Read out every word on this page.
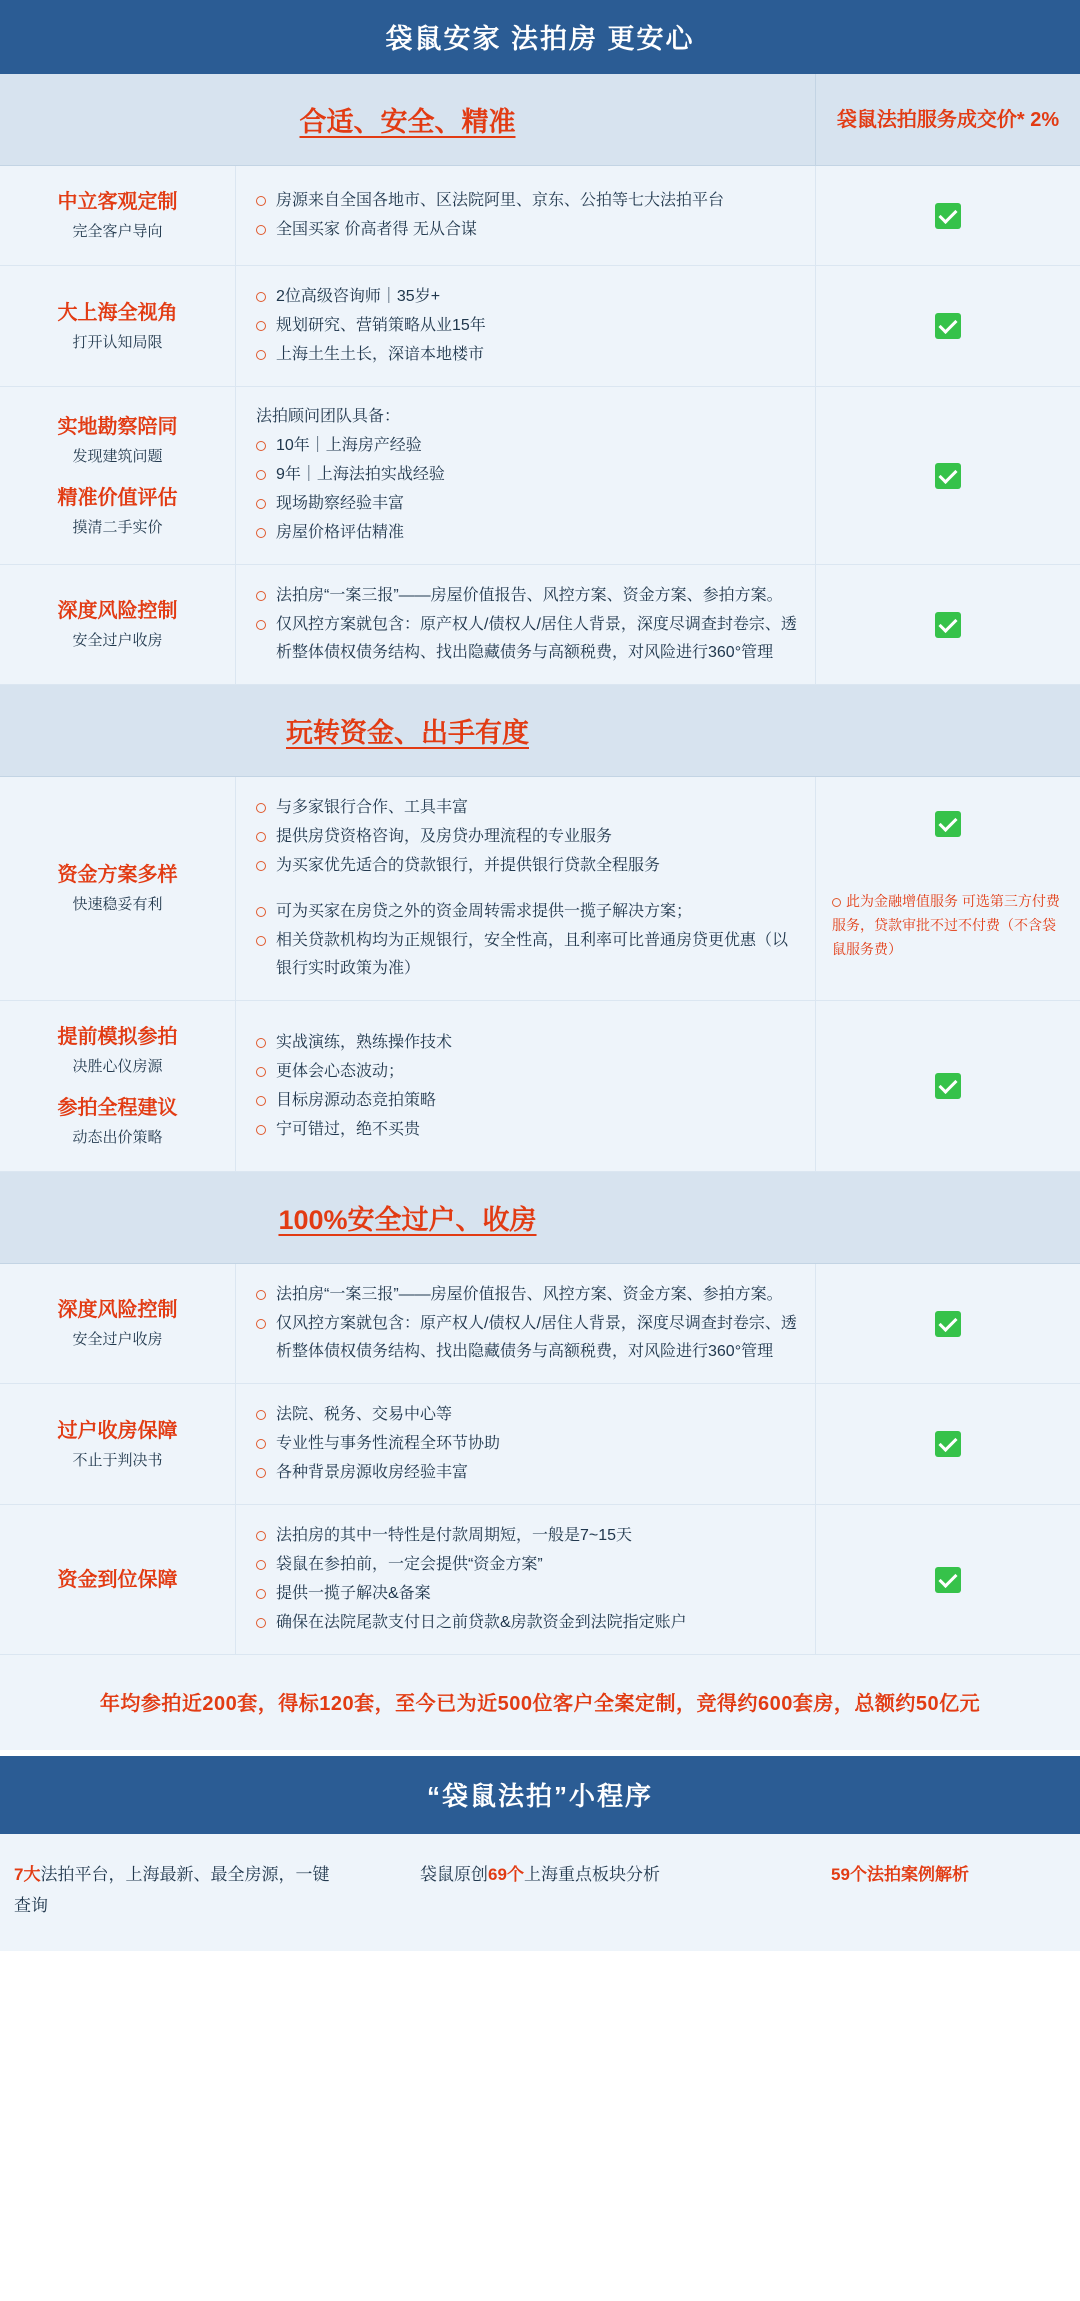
袋鼠安家 法拍房 更安心
合适、安全、精准	袋鼠法拍服务 成交价* 2%
中立客观定制
完全客户导向
房源来自全国各地市、区法院阿里、京东、公拍等七大法拍平台
全国买家 价高者得 无从合谋
大上海全视角
打开认知局限
2位高级咨询师｜35岁+
规划研究、营销策略从业15年
上海土生土长，深谙本地楼市
实地勘察陪同
发现建筑问题
精准价值评估
摸清二手实价
法拍顾问团队具备：
10年｜上海房产经验
9年｜上海法拍实战经验
现场勘察经验丰富
房屋价格评估精准
深度风险控制
安全过户收房
法拍房“一案三报”——房屋价值报告、风控方案、资金方案、参拍方案。
仅风控方案就包含：原产权人/债权人/居住人背景，深度尽调查封卷宗、透析整体债权债务结构、找出隐藏债务与高额税费，对风险进行360°管理
玩转资金、出手有度
资金方案多样
快速稳妥有利
与多家银行合作、工具丰富
提供房贷资格咨询，及房贷办理流程的专业服务
为买家优先适合的贷款银行，并提供银行贷款全程服务
可为买家在房贷之外的资金周转需求提供一揽子解决方案；
相关贷款机构均为正规银行，安全性高，且利率可比普通房贷更优惠（以银行实时政策为准）
此为金融增值服务 可选第三方付费服务，贷款审批不过不付费（不含袋鼠服务费）
提前模拟参拍
决胜心仪房源
参拍全程建议
动态出价策略
实战演练，熟练操作技术
更体会心态波动；
目标房源动态竞拍策略
宁可错过，绝不买贵
100%安全过户、收房
深度风险控制
安全过户收房
法拍房“一案三报”——房屋价值报告、风控方案、资金方案、参拍方案。
仅风控方案就包含：原产权人/债权人/居住人背景，深度尽调查封卷宗、透析整体债权债务结构、找出隐藏债务与高额税费，对风险进行360°管理
过户收房保障
不止于判决书
法院、税务、交易中心等
专业性与事务性流程全环节协助
各种背景房源收房经验丰富
资金到位保障
法拍房的其中一特性是付款周期短，一般是7~15天
袋鼠在参拍前，一定会提供“资金方案”
提供一揽子解决&备案
确保在法院尾款支付日之前贷款&房款资金到法院指定账户
年均参拍近200套，得标120套，至今已为近500位客户全案定制，竞得约600套房，总额约50亿元
“袋鼠法拍”小程序
7大法拍平台，上海最新、最全房源，一键查询
袋鼠原创69个上海重点板块分析	59个法拍案例解析
